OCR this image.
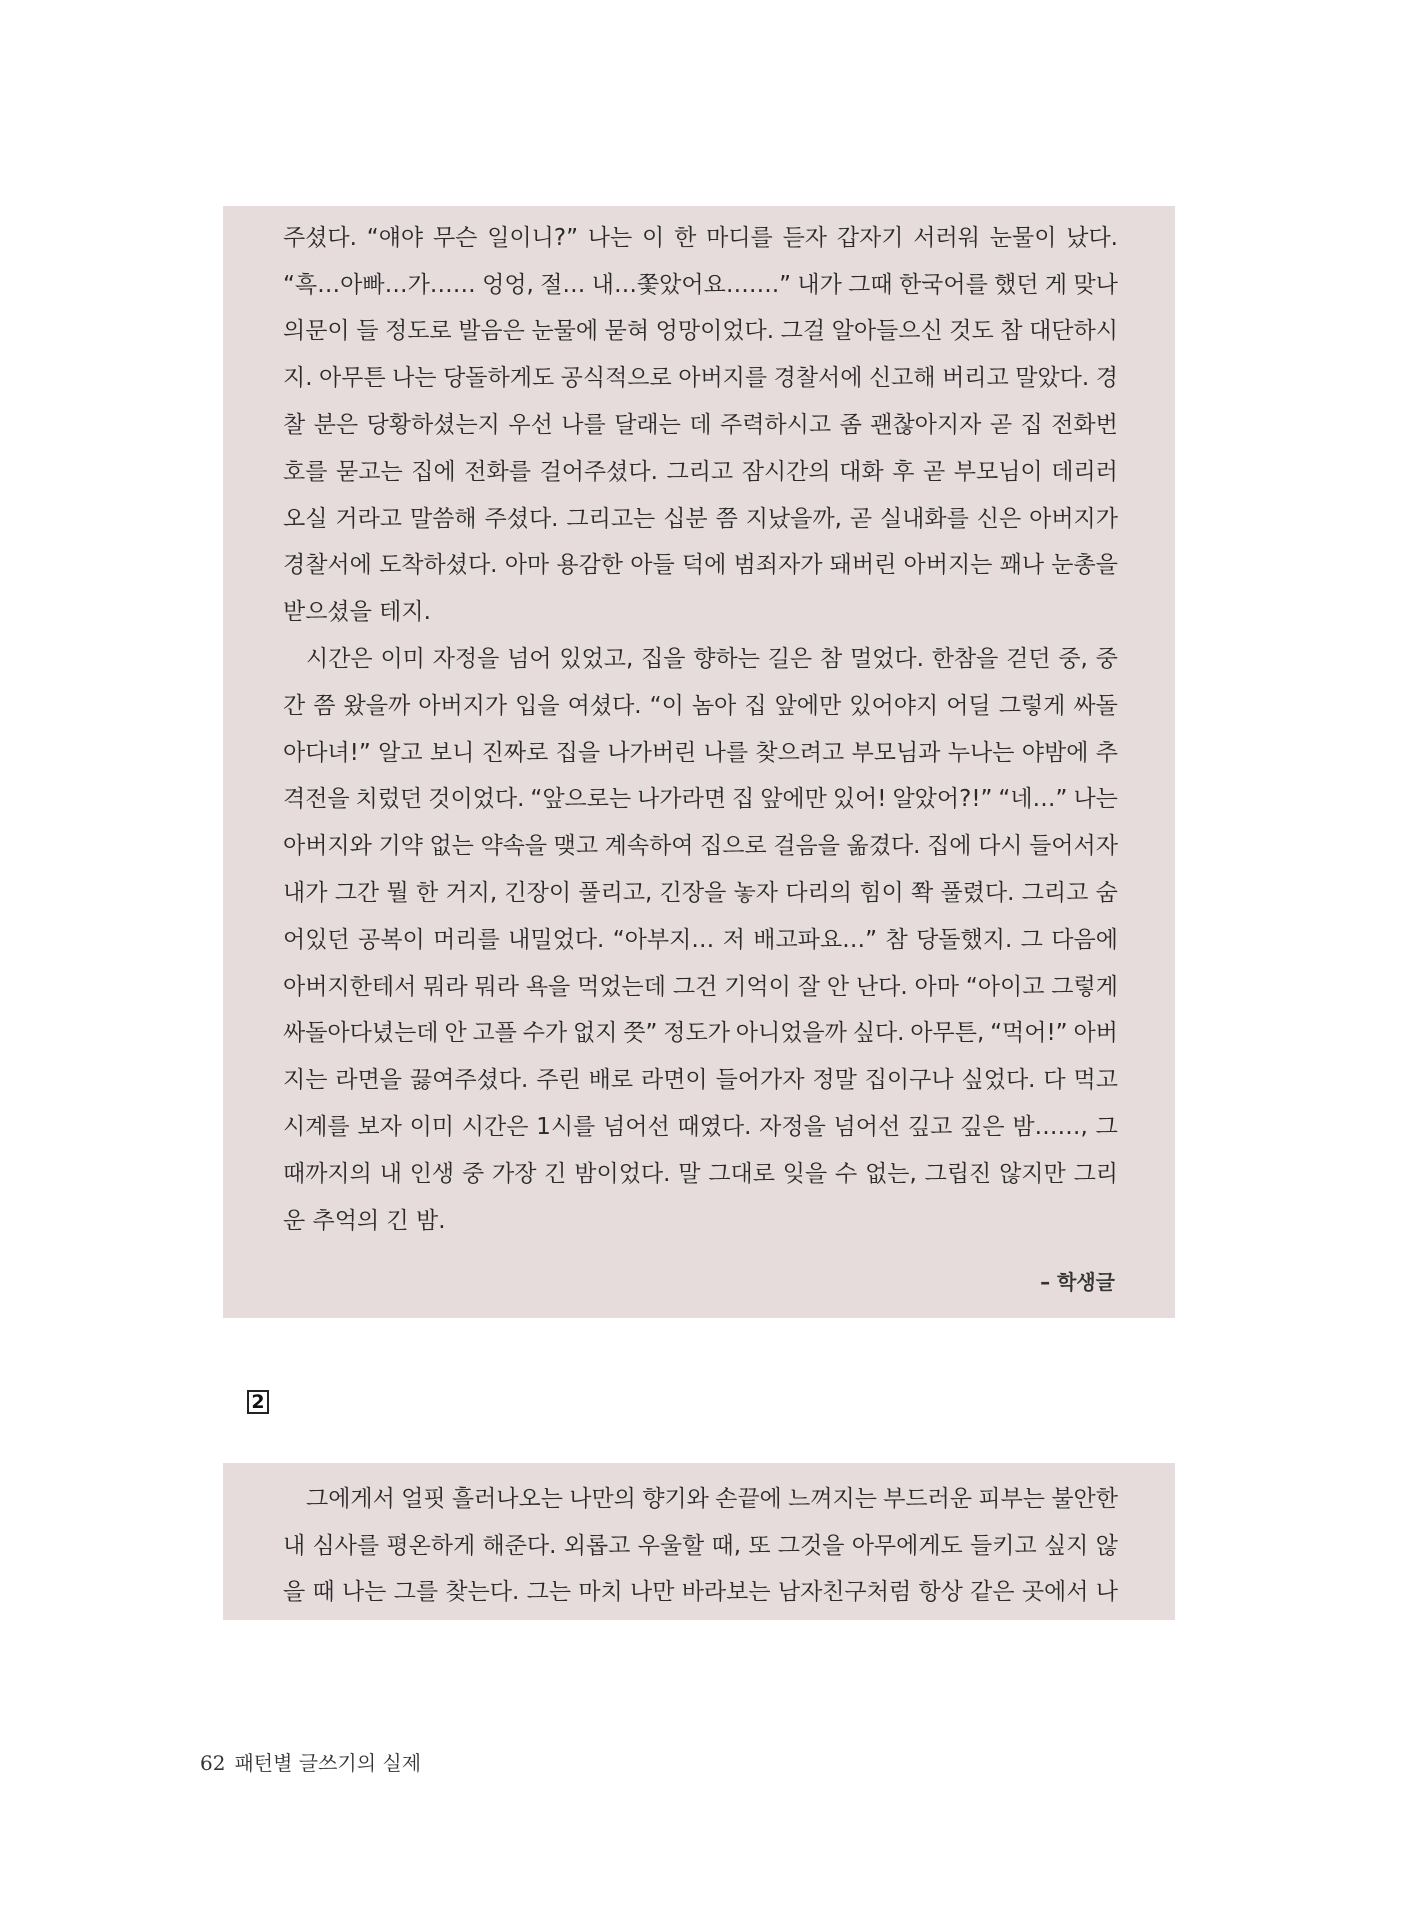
주셨다. “얘야 무슨 일이니?” 나는 이 한 마디를 듣자 갑자기 서러워 눈물이 났다.
“흑…아빠…가…… 엉엉, 절… 내…쫓았어요…….” 내가 그때 한국어를 했던 게 맞나
의문이 들 정도로 발음은 눈물에 묻혀 엉망이었다. 그걸 알아들으신 것도 참 대단하시
지. 아무튼 나는 당돌하게도 공식적으로 아버지를 경찰서에 신고해 버리고 말았다. 경
찰 분은 당황하셨는지 우선 나를 달래는 데 주력하시고 좀 괜찮아지자 곧 집 전화번
호를 묻고는 집에 전화를 걸어주셨다. 그리고 잠시간의 대화 후 곧 부모님이 데리러
오실 거라고 말씀해 주셨다. 그리고는 십분 쯤 지났을까, 곧 실내화를 신은 아버지가
경찰서에 도착하셨다. 아마 용감한 아들 덕에 범죄자가 돼버린 아버지는 꽤나 눈총을
받으셨을 테지.
시간은 이미 자정을 넘어 있었고, 집을 향하는 길은 참 멀었다. 한참을 걷던 중, 중
간 쯤 왔을까 아버지가 입을 여셨다. “이 놈아 집 앞에만 있어야지 어딜 그렇게 싸돌
아다녀!” 알고 보니 진짜로 집을 나가버린 나를 찾으려고 부모님과 누나는 야밤에 추
격전을 치렀던 것이었다. “앞으로는 나가라면 집 앞에만 있어! 알았어?!” “네…” 나는
아버지와 기약 없는 약속을 맺고 계속하여 집으로 걸음을 옮겼다. 집에 다시 들어서자
내가 그간 뭘 한 거지, 긴장이 풀리고, 긴장을 놓자 다리의 힘이 쫙 풀렸다. 그리고 숨
어있던 공복이 머리를 내밀었다. “아부지… 저 배고파요…” 참 당돌했지. 그 다음에
아버지한테서 뭐라 뭐라 욕을 먹었는데 그건 기억이 잘 안 난다. 아마 “아이고 그렇게
싸돌아다녔는데 안 고플 수가 없지 쯧” 정도가 아니었을까 싶다. 아무튼, “먹어!” 아버
지는 라면을 끓여주셨다. 주린 배로 라면이 들어가자 정말 집이구나 싶었다. 다 먹고
시계를 보자 이미 시간은 1시를 넘어선 때였다. 자정을 넘어선 깊고 깊은 밤……, 그
때까지의 내 인생 중 가장 긴 밤이었다. 말 그대로 잊을 수 없는, 그립진 않지만 그리
운 추억의 긴 밤.
– 학생글
2
그에게서 얼핏 흘러나오는 나만의 향기와 손끝에 느껴지는 부드러운 피부는 불안한
내 심사를 평온하게 해준다. 외롭고 우울할 때, 또 그것을 아무에게도 들키고 싶지 않
을 때 나는 그를 찾는다. 그는 마치 나만 바라보는 남자친구처럼 항상 같은 곳에서 나
62 패턴별 글쓰기의 실제
